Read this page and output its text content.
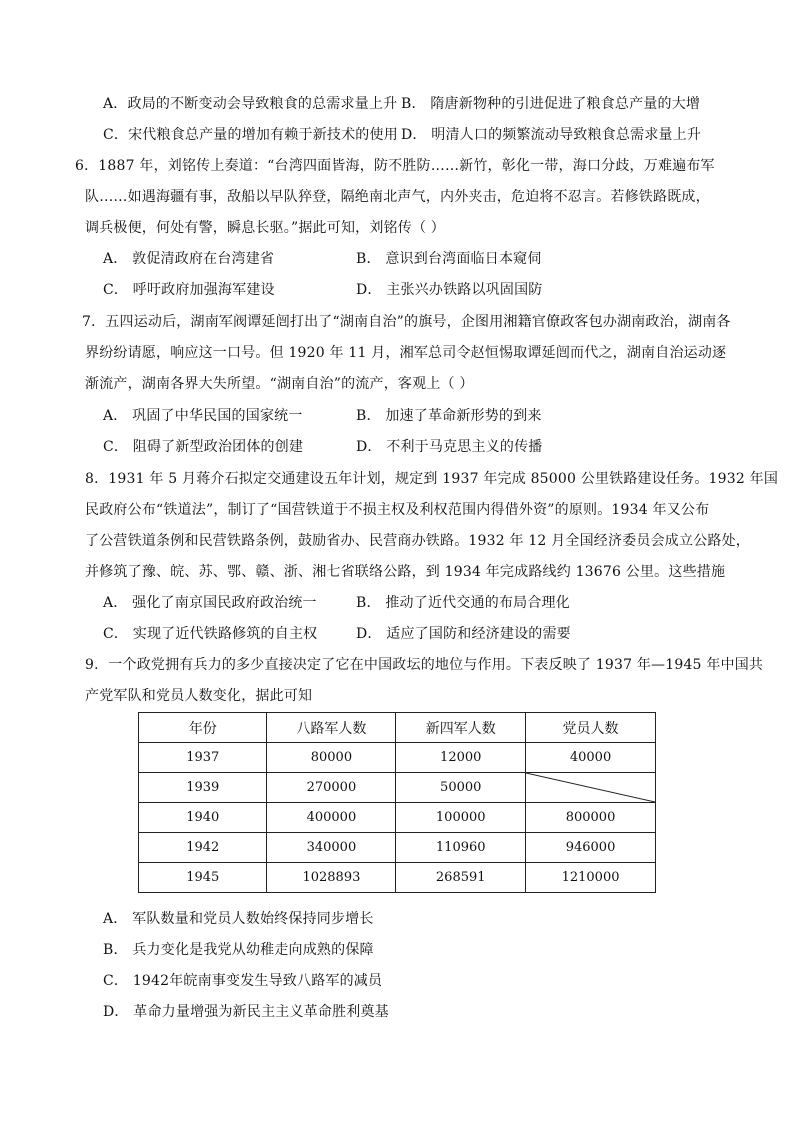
A．政局的不断变动会导致粮食的总需求量上升 B． 隋唐新物种的引进促进了粮食总产量的大增
C．宋代粮食总产量的增加有赖于新技术的使用 D． 明清人口的频繁流动导致粮食总需求量上升
6．1887 年，刘铭传上奏道：“台湾四面皆海，防不胜防……新竹，彰化一带，海口分歧，万难遍布军
队……如遇海疆有事，敌船以早队猝登，隔绝南北声气，内外夹击，危迫将不忍言。若修铁路既成，
调兵极便，何处有警，瞬息长驱。”据此可知，刘铭传（ ）
A． 敦促清政府在台湾建省	B． 意识到台湾面临日本窥伺
C． 呼吁政府加强海军建设	D． 主张兴办铁路以巩固国防
7．五四运动后，湖南军阀谭延闿打出了“湖南自治”的旗号，企图用湘籍官僚政客包办湖南政治，湖南各
界纷纷请愿，响应这一口号。但 1920 年 11 月，湘军总司令赵恒惕取谭延闿而代之，湖南自治运动逐
渐流产，湖南各界大失所望。“湖南自治”的流产，客观上（ ）
A． 巩固了中华民国的国家统一	B． 加速了革命新形势的到来
C． 阻碍了新型政治团体的创建	D． 不利于马克思主义的传播
8．1931 年 5 月蒋介石拟定交通建设五年计划，规定到 1937 年完成 85000 公里铁路建设任务。1932 年国
民政府公布“铁道法”，制订了“国营铁道于不损主权及利权范围内得借外资”的原则。1934 年又公布
了公营铁道条例和民营铁路条例，鼓励省办、民营商办铁路。1932 年 12 月全国经济委员会成立公路处，
并修筑了豫、皖、苏、鄂、赣、浙、湘七省联络公路，到 1934 年完成路线约 13676 公里。这些措施
A． 强化了南京国民政府政治统一	B． 推动了近代交通的布局合理化
C． 实现了近代铁路修筑的自主权	D． 适应了国防和经济建设的需要
9．一个政党拥有兵力的多少直接决定了它在中国政坛的地位与作用。下表反映了 1937 年—1945 年中国共
产党军队和党员人数变化，据此可知
年份	八路军人数	新四军人数	党员人数
1937	80000	12000	40000
1939	270000	50000	

1940	400000	100000	800000
1942	340000	110960	946000
1945	1028893	268591	1210000
A． 军队数量和党员人数始终保持同步增长
B． 兵力变化是我党从幼稚走向成熟的保障
C． 1942年皖南事变发生导致八路军的减员
D． 革命力量增强为新民主主义革命胜利奠基
